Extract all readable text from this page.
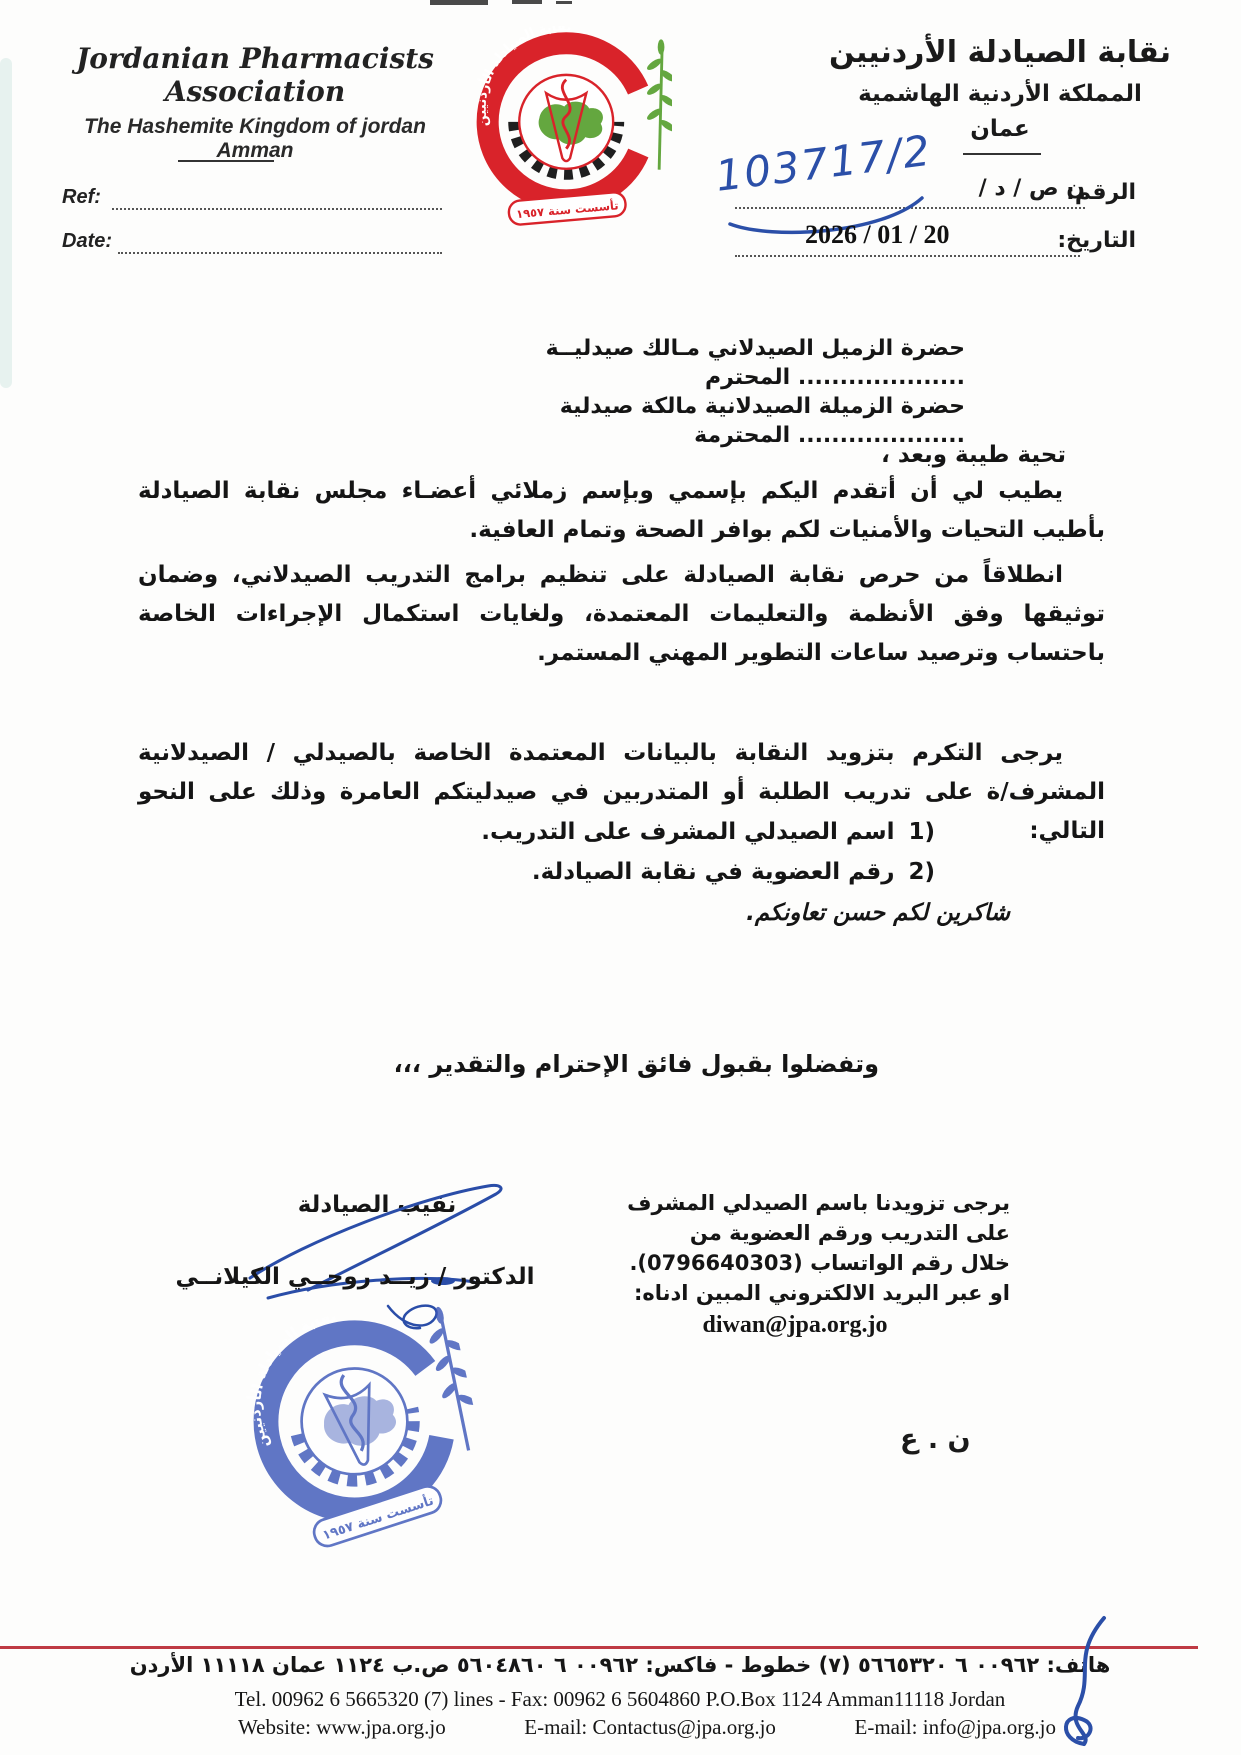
Jordanian Pharmacists
Association
The Hashemite Kingdom of jordan
Amman
نقابة الصيادلة الأردنيين
تأسست سنة ١٩٥٧
نقابة الصيادلة الأردنيين
المملكة الأردنية الهاشمية
عمان
Ref:
Date:
الرقم:
ن ص / د /
103717/2
التاريخ:
2026 / 01 / 20
حضرة الزميل الصيدلاني مـالك صيدليــة .................... المحترم
حضرة الزميلة الصيدلانية مالكة صيدلية .................... المحترمة
تحية طيبة وبعد ،
يطيب لي أن أتقدم اليكم بإسمي وبإسم زملائي أعضـاء مجلس نقابة الصيادلة بأطيب التحيات والأمنيات لكم بوافر الصحة وتمام العافية.
انطلاقاً من حرص نقابة الصيادلة على تنظيم برامج التدريب الصيدلاني، وضمان توثيقها وفق الأنظمة والتعليمات المعتمدة، ولغايات استكمال الإجراءات الخاصة باحتساب وترصيد ساعات التطوير المهني المستمر.
يرجى التكرم بتزويد النقابة بالبيانات المعتمدة الخاصة بالصيدلي / الصيدلانية المشرف/ة على تدريب الطلبة أو المتدربين في صيدليتكم العامرة وذلك على النحو التالي:
1)
اسم الصيدلي المشرف على التدريب.
2)
رقم العضوية في نقابة الصيادلة.
شاكرين لكم حسن تعاونكم.
وتفضلوا بقبول فائق الإحترام والتقدير ،،،
نقيب الصيادلة
الدكتور / زيــد روحــي الكيلانــي
يرجى تزويدنا باسم الصيدلي المشرف على التدريب ورقم العضوية من
خلال رقم الواتساب (0796640303).
او عبر البريد الالكتروني المبين ادناه:
diwan@jpa.org.jo
نقابة الصيادلة الأردنيين
تأسست سنة ١٩٥٧
ن . ع
هاتف: ٠٠٩٦٢ ٦ ٥٦٦٥٣٢٠ (٧) خطوط - فاكس: ٠٠٩٦٢ ٦ ٥٦٠٤٨٦٠ ص.ب ١١٢٤ عمان ١١١١٨ الأردن
Tel. 00962 6 5665320 (7) lines - Fax: 00962 6 5604860 P.O.Box 1124 Amman11118 Jordan
Website: www.jpa.org.jo	E-mail: Contactus@jpa.org.jo	E-mail: info@jpa.org.jo
